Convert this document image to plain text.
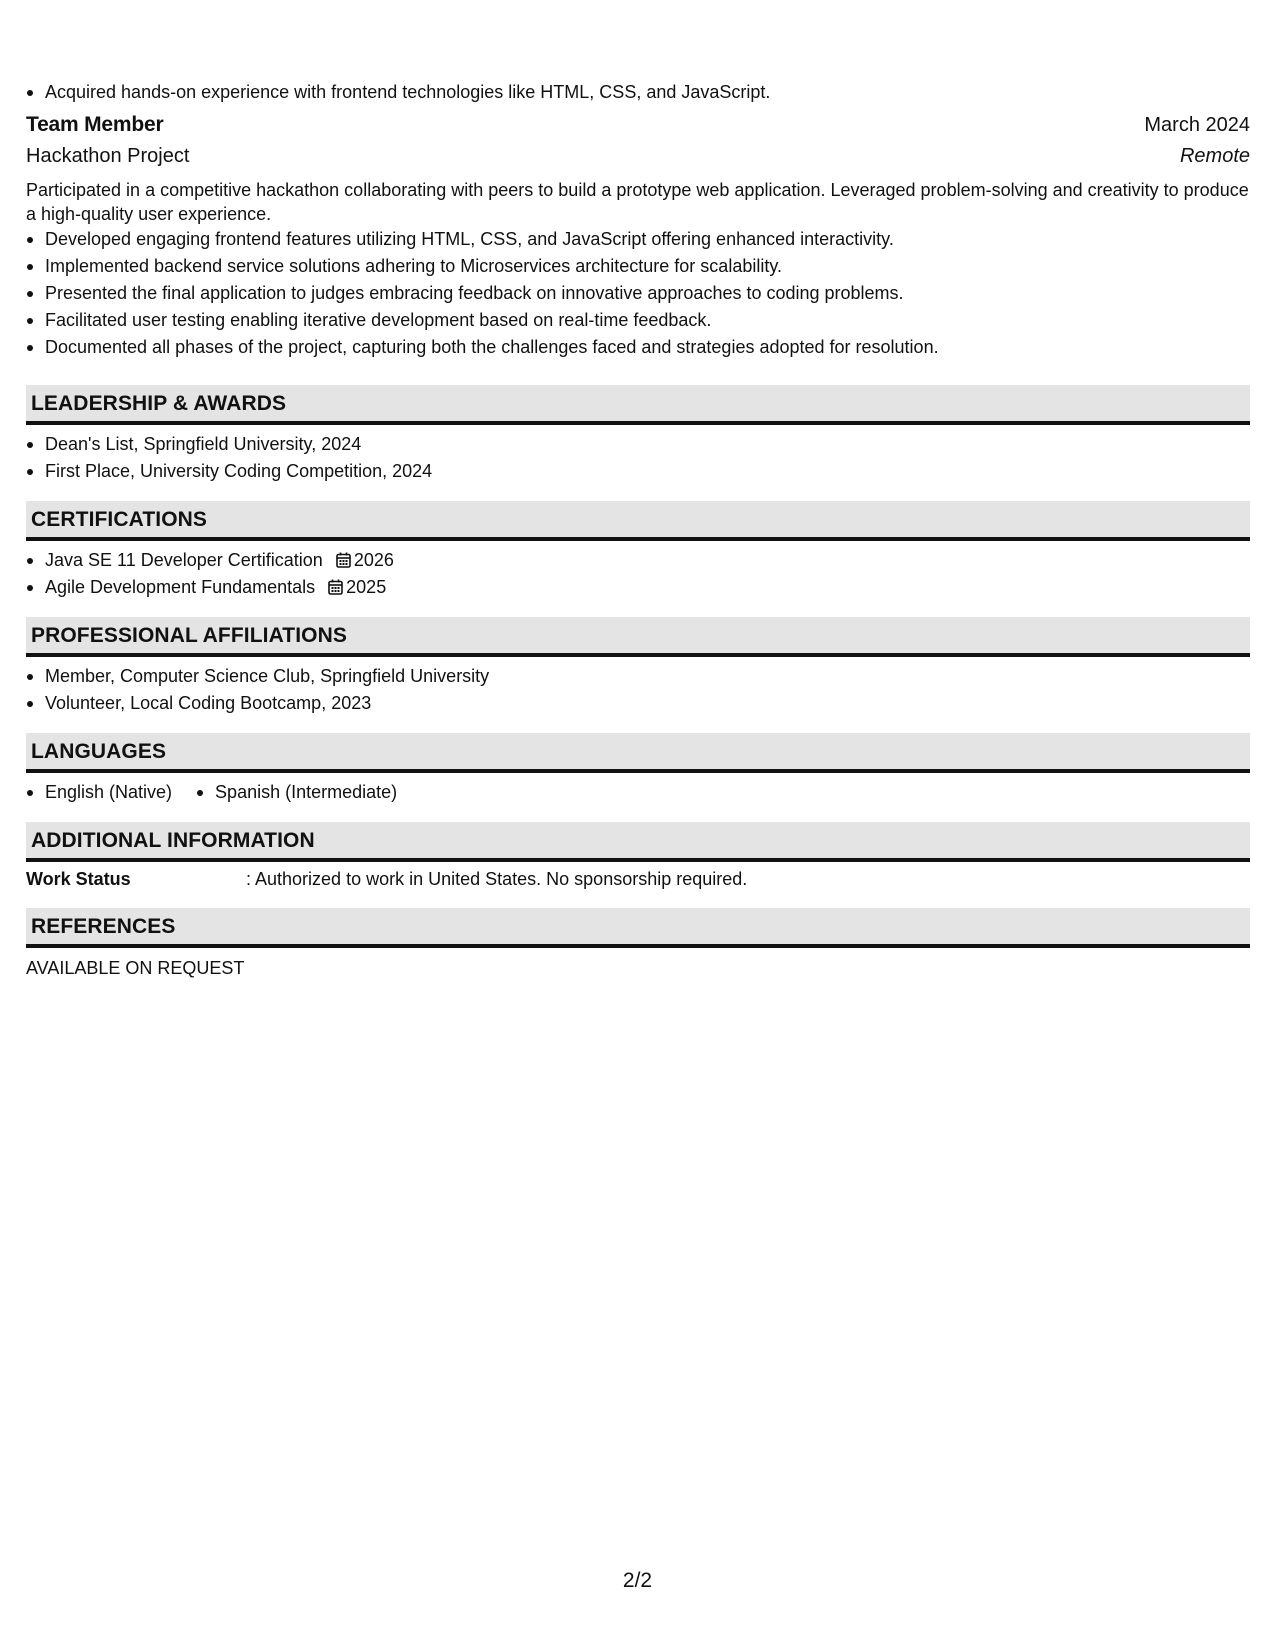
Acquired hands-on experience with frontend technologies like HTML, CSS, and JavaScript.
Team Member	March 2024
Hackathon Project	Remote
Participated in a competitive hackathon collaborating with peers to build a prototype web application. Leveraged problem-solving and creativity to produce a high-quality user experience.
Developed engaging frontend features utilizing HTML, CSS, and JavaScript offering enhanced interactivity.
Implemented backend service solutions adhering to Microservices architecture for scalability.
Presented the final application to judges embracing feedback on innovative approaches to coding problems.
Facilitated user testing enabling iterative development based on real-time feedback.
Documented all phases of the project, capturing both the challenges faced and strategies adopted for resolution.
LEADERSHIP & AWARDS
Dean's List, Springfield University, 2024
First Place, University Coding Competition, 2024
CERTIFICATIONS
Java SE 11 Developer Certification 2026
Agile Development Fundamentals 2025
PROFESSIONAL AFFILIATIONS
Member, Computer Science Club, Springfield University
Volunteer, Local Coding Bootcamp, 2023
LANGUAGES
English (Native)	Spanish (Intermediate)
ADDITIONAL INFORMATION
Work Status	: Authorized to work in United States. No sponsorship required.
REFERENCES
AVAILABLE ON REQUEST
2/2
